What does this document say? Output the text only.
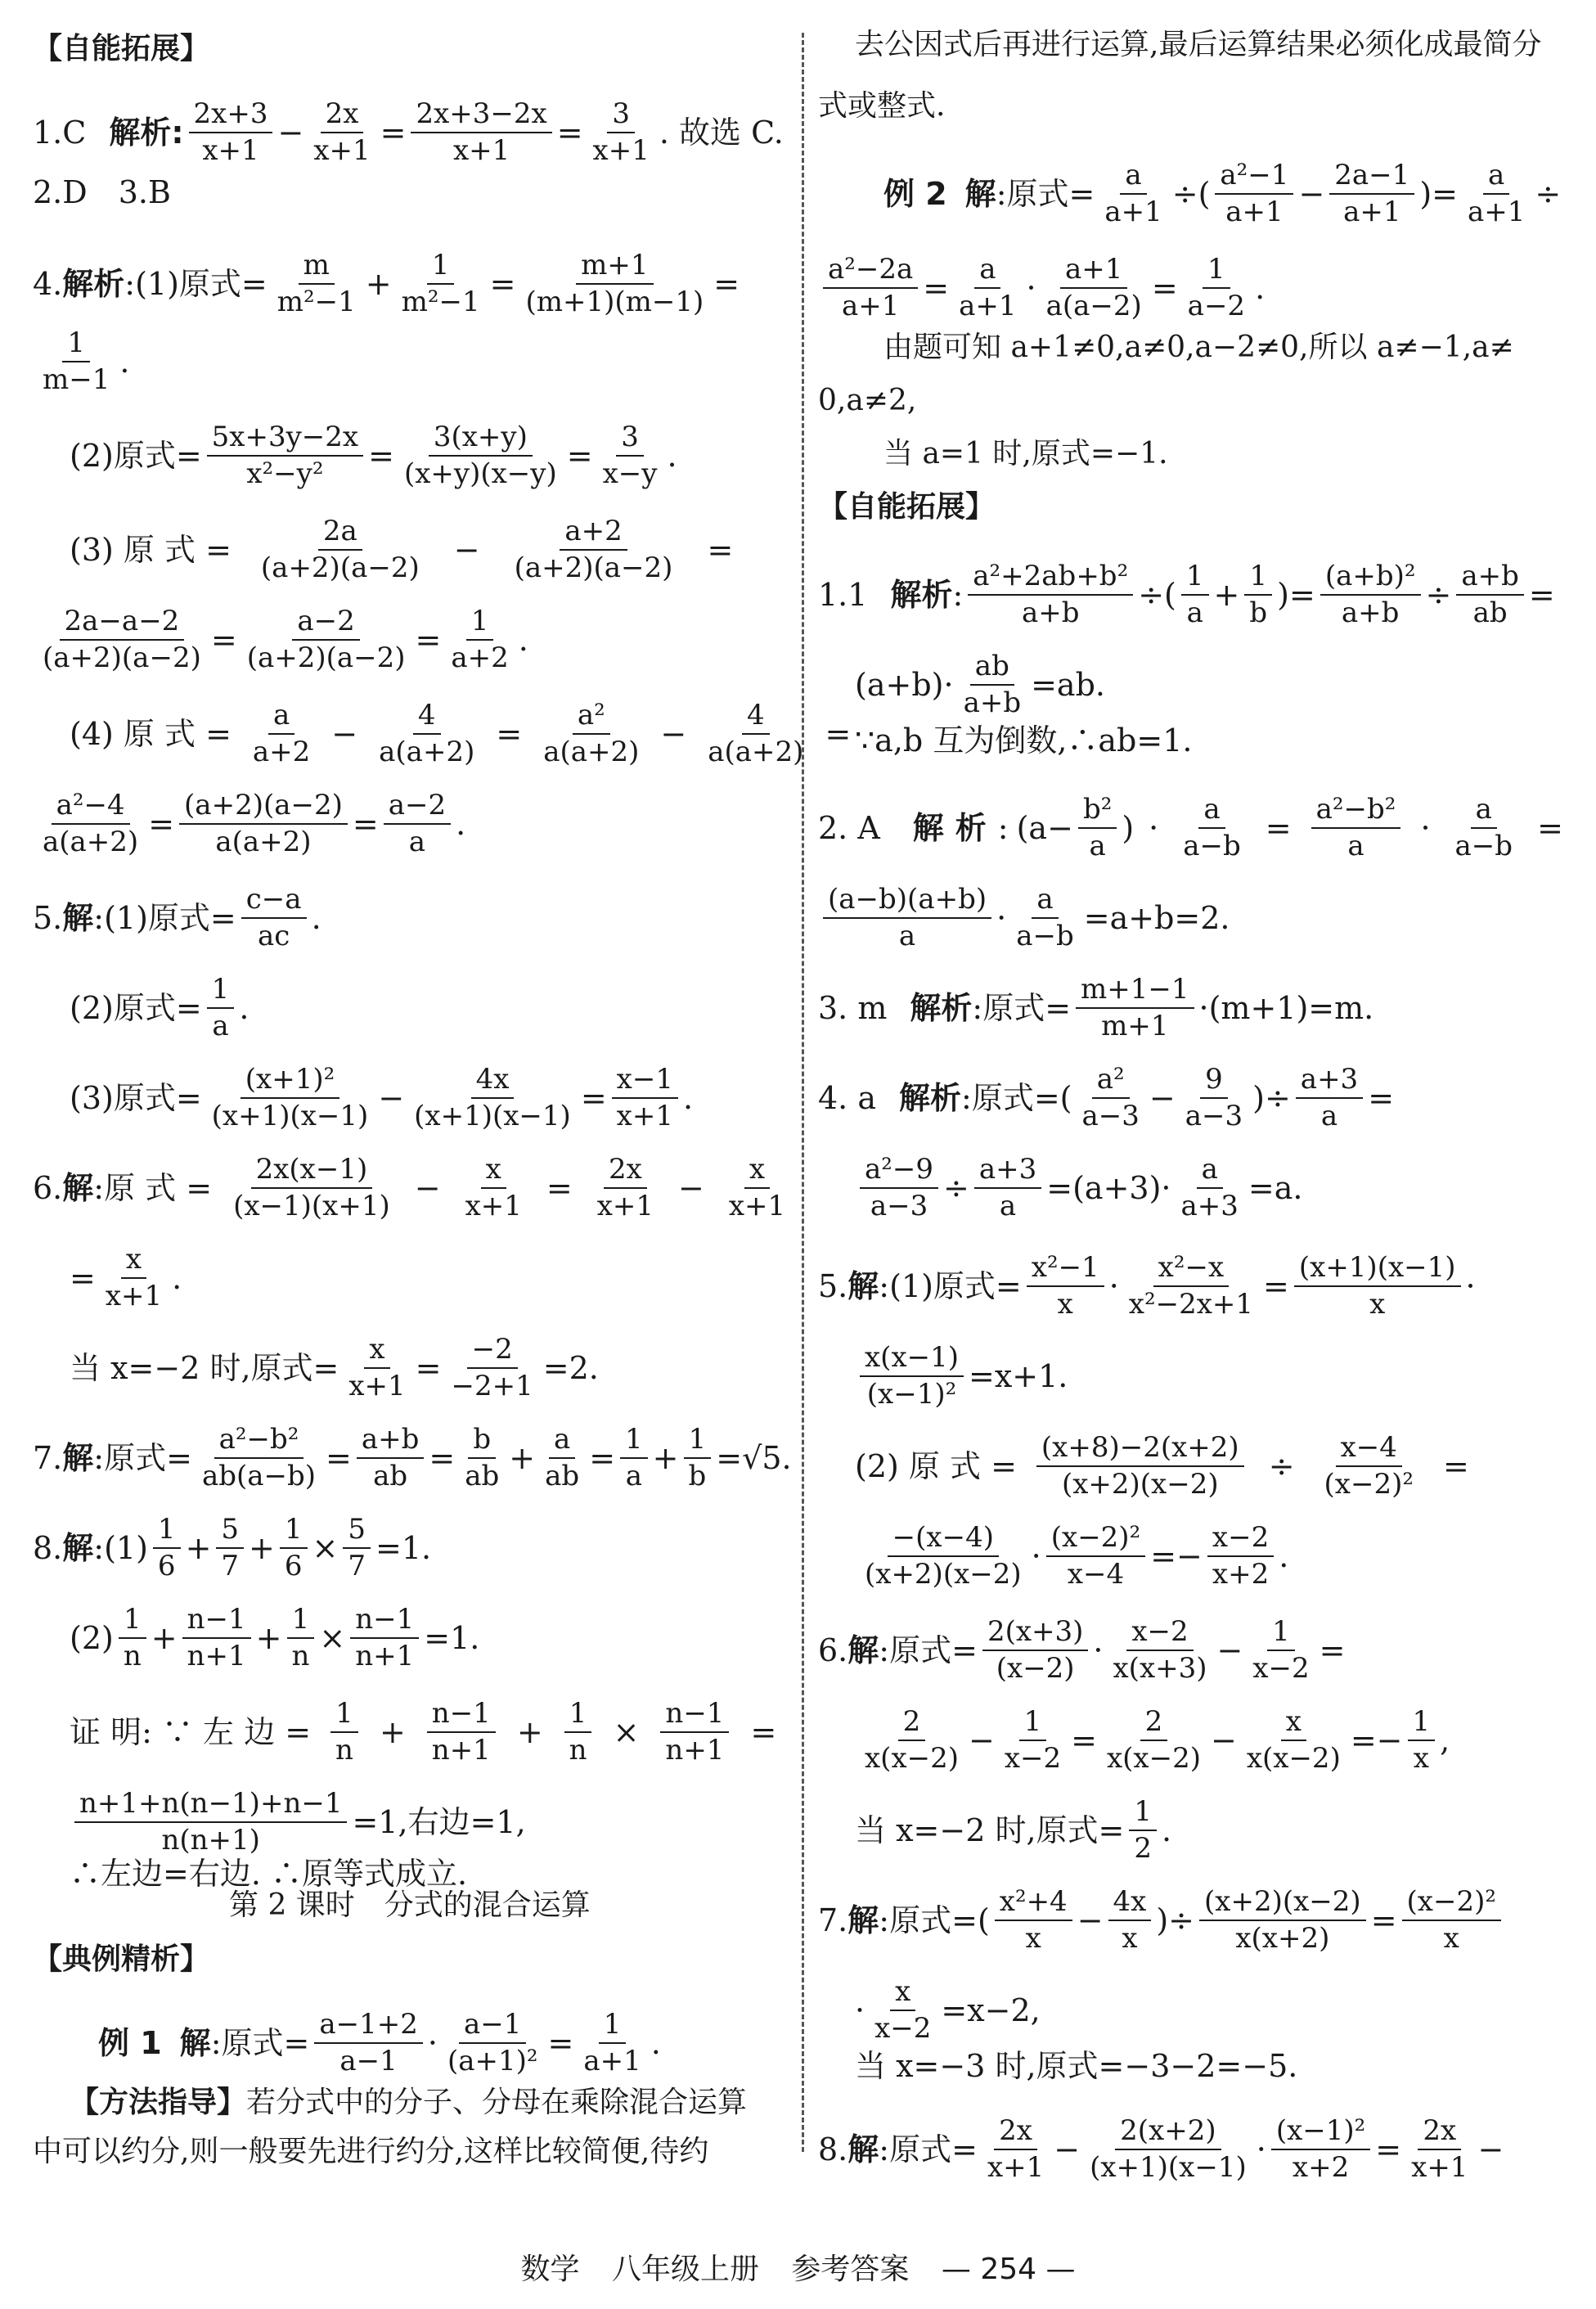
【自能拓展】
1.C 解析: $\frac{2x+3}{x+1} - \frac{2x}{x+1} = \frac{2x+3-2x}{x+1} = \frac{3}{x+1}$ . 故选 C.
2.D　3.B
4. 解析 :(1)原式= $\frac{m}{\text{m²−1}} + \frac{1}{\text{m²−1}} = \frac{m+1}{(m+1)(m-1)}$ =
$\frac{1}{m-1}$ .
(2)原式= $\frac{5x+3y-2x}{\text{x²−y²}} = \frac{3(x+y)}{(x+y)(x-y)} = \frac{3}{x-y}$ .
(3) 原 式 = $\frac{2a}{(a+2)(a-2)} - \frac{a+2}{(a+2)(a-2)}$ =
$\frac{2a-a-2}{(a+2)(a-2)} = \frac{a-2}{(a+2)(a-2)} = \frac{1}{a+2}$ .
(4) 原 式 = $\frac{a}{a+2} - \frac{4}{a(a+2)} = \frac{\text{a²}}{a(a+2)} - \frac{4}{a(a+2)}$ =
$\frac{\text{a²−4}}{a(a+2)} = \frac{(a+2)(a-2)}{a(a+2)} = \frac{a-2}{a}$ .
5. 解 :(1)原式= $\frac{c-a}{ac}$ .
(2)原式= $\frac{1}{a}$ .
(3)原式= $\frac{\text{(x+1)²}}{(x+1)(x-1)} - \frac{4x}{(x+1)(x-1)} = \frac{x-1}{x+1}$ .
6. 解 :原 式 = $\frac{2x(x-1)}{(x-1)(x+1)} - \frac{x}{x+1} = \frac{2x}{x+1} - \frac{x}{x+1}$
= $\frac{x}{x+1}$ .
当 x=−2 时,原式= $\frac{x}{x+1} = \frac{-2}{-2+1} =2$.
7. 解 :原式= $\frac{\text{a²−b²}}{ab(a-b)} = \frac{a+b}{ab} = \frac{b}{ab} + \frac{a}{ab} = \frac{1}{a} + \frac{1}{b} =√5$.
8. 解 :(1) $\frac{1}{6} + \frac{5}{7} + \frac{1}{6} \times \frac{5}{7} =1$.
$(2) \frac{1}{n} + \frac{n-1}{n+1} + \frac{1}{n} \times \frac{n-1}{n+1} =1$.
证 明: ∵ 左 边 = $\frac{1}{n} + \frac{n-1}{n+1} + \frac{1}{n} \times \frac{n-1}{n+1}$ =
$\frac{n+1+n(n-1)+n-1}{n(n+1)} =1$,右边=1,
∴左边=右边. ∴原等式成立.
第 2 课时　分式的混合运算
【典例精析】
例 1 解 :原式= $\frac{a-1+2}{a-1} \cdot \frac{a-1}{\text{(a+1)²}} = \frac{1}{a+1}$ .
【方法指导】 若分式中的分子、分母在乘除混合运算
中可以约分,则一般要先进行约分,这样比较简便,待约
去公因式后再进行运算,最后运算结果必须化成最简分
式或整式.
例 2 解 :原式= $\frac{a}{a+1}$ ÷( $\frac{\text{a²−1}}{a+1} - \frac{2a-1}{a+1}$ )= $\frac{a}{a+1}$ ÷
$\frac{\text{a²−2a}}{a+1} = \frac{a}{a+1} \cdot \frac{a+1}{a(a-2)} = \frac{1}{a-2}$ .
由题可知 a+1≠0,a≠0,a−2≠0,所以 a≠−1,a≠
0,a≠2,
当 a=1 时,原式=−1.
【自能拓展】
1.1 解析 : $\frac{\text{a²+2ab+b²}}{a+b}$ ÷( $\frac{1}{a} + \frac{1}{b}$ )= $\frac{\text{(a+b)²}}{a+b} \div \frac{a+b}{ab}$ =
$(a+b)\cdot \frac{ab}{a+b} =ab$.
∵a,b 互为倒数,∴ab=1.
2. A 解析 : ($a- \frac{\text{b²}}{a}$ ) · $\frac{a}{a-b} = \frac{\text{a²−b²}}{a} \cdot \frac{a}{a-b}$ =
$\frac{(a-b)(a+b)}{a} \cdot \frac{a}{a-b} =a+b=2$.
3. m 解析 :原式= $\frac{m+1-1}{m+1} \cdot(m+1)=m$.
4. a 解析 :原式= ( $\frac{\text{a²}}{a-3} - \frac{9}{a-3}$ )÷ $\frac{a+3}{a}$ =
$\frac{\text{a²−9}}{a-3} \div \frac{a+3}{a} =(a+3)\cdot \frac{a}{a+3} =a$.
5. 解 :(1)原式= $\frac{\text{x²−1}}{x} \cdot \frac{\text{x²−x}}{\text{x²−2x+1}} = \frac{(x+1)(x-1)}{x}$ ·
$\frac{x(x-1)}{\text{(x−1)²}} =x+1$.
(2) 原 式 = $\frac{(x+8)-2(x+2)}{(x+2)(x-2)} \div \frac{x-4}{\text{(x−2)²}}$ =
$\frac{-(x-4)}{(x+2)(x-2)} \cdot \frac{\text{(x−2)²}}{x-4} =- \frac{x-2}{x+2}$ .
6. 解 :原式= $\frac{2(x+3)}{(x-2)} \cdot \frac{x-2}{x(x+3)} - \frac{1}{x-2}$ =
$\frac{2}{x(x-2)} - \frac{1}{x-2} = \frac{2}{x(x-2)} - \frac{x}{x(x-2)} =- \frac{1}{x}$ ,
当 x=−2 时,原式= $\frac{1}{2}$ .
7. 解 :原式= ( $\frac{\text{x²+4}}{x} - \frac{4x}{x}$ )÷ $\frac{(x+2)(x-2)}{x(x+2)} = \frac{\text{(x−2)²}}{x}$
· $\frac{x}{x-2} =x-2$,
当 x=−3 时,原式=−3−2=−5.
8. 解 :原式= $\frac{2x}{x+1} - \frac{2(x+2)}{(x+1)(x-1)} \cdot \frac{\text{(x−1)²}}{x+2} = \frac{2x}{x+1}$ −
数学 八年级上册 参考答案 — 254 —
